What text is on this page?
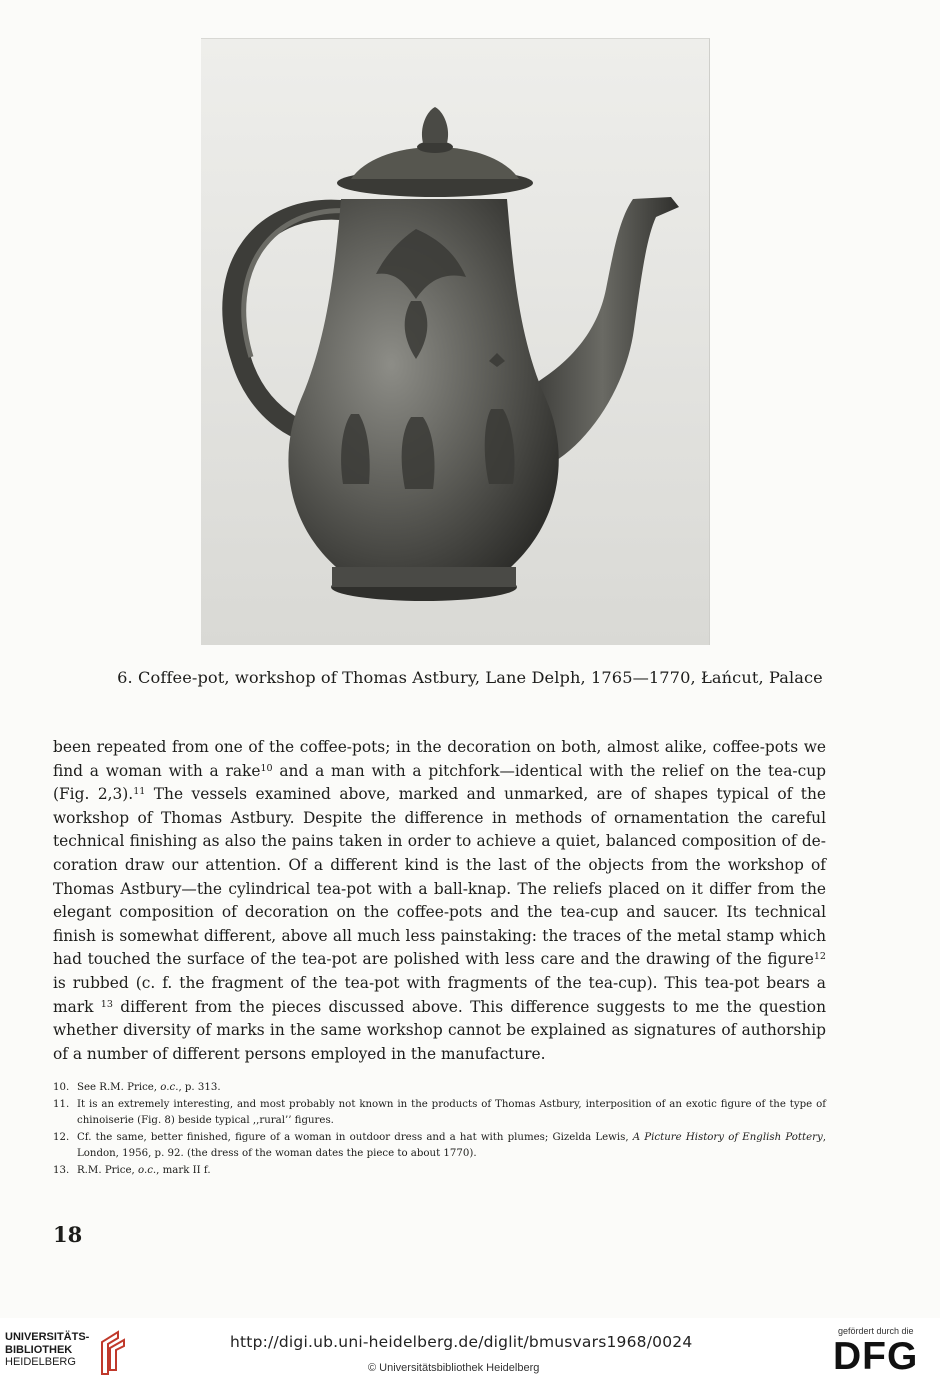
6. Coffee-pot, workshop of Thomas Astbury, Lane Delph, 1765—1770, Łańcut, Palace

been repeated from one of the coffee-pots; in the decoration on both, almost alike, coffee-pots we find a woman with a rake$^{10}$ and a man with a pitchfork—identical with the relief on the tea-cup (Fig. 2,3).$^{11}$ The vessels examined above, marked and unmarked, are of shapes typical of the workshop of Thomas Astbury. Despite the difference in methods of ornamentation the careful technical finishing as also the pains taken in order to achieve a quiet, balanced composition of de-coration draw our attention. Of a different kind is the last of the objects from the workshop of Thomas Astbury—the cylindrical tea-pot with a ball-knap. The reliefs placed on it differ from the elegant composition of decoration on the coffee-pots and the tea-cup and saucer. Its technical finish is somewhat different, above all much less painstaking: the traces of the metal stamp which had touched the surface of the tea-pot are polished with less care and the drawing of the figure$^{12}$ is rubbed (c. f. the fragment of the tea-pot with fragments of the tea-cup). This tea-pot bears a mark $^{13}$ different from the pieces discussed above. This difference suggests to me the question whether diversity of marks in the same workshop cannot be explained as signatures of authorship of a number of different persons employed in the manufacture.

10. See R.M. Price, o.c., p. 313.
11. It is an extremely interesting, and most probably not known in the products of Thomas Astbury, interposition of an exotic figure of the type of chinoiserie (Fig. 8) beside typical ,,rural’’ figures.
12. Cf. the same, better finished, figure of a woman in outdoor dress and a hat with plumes; Gizelda Lewis, A Picture History of English Pottery, London, 1956, p. 92. (the dress of the woman dates the piece to about 1770).
13. R.M. Price, o.c., mark II f.
18
UNIVERSITÄTS-
BIBLIOTHEK
HEIDELBERG
http://digi.ub.uni-heidelberg.de/diglit/bmusvars1968/0024
© Universitätsbibliothek Heidelberg
gefördert durch die
DFG
